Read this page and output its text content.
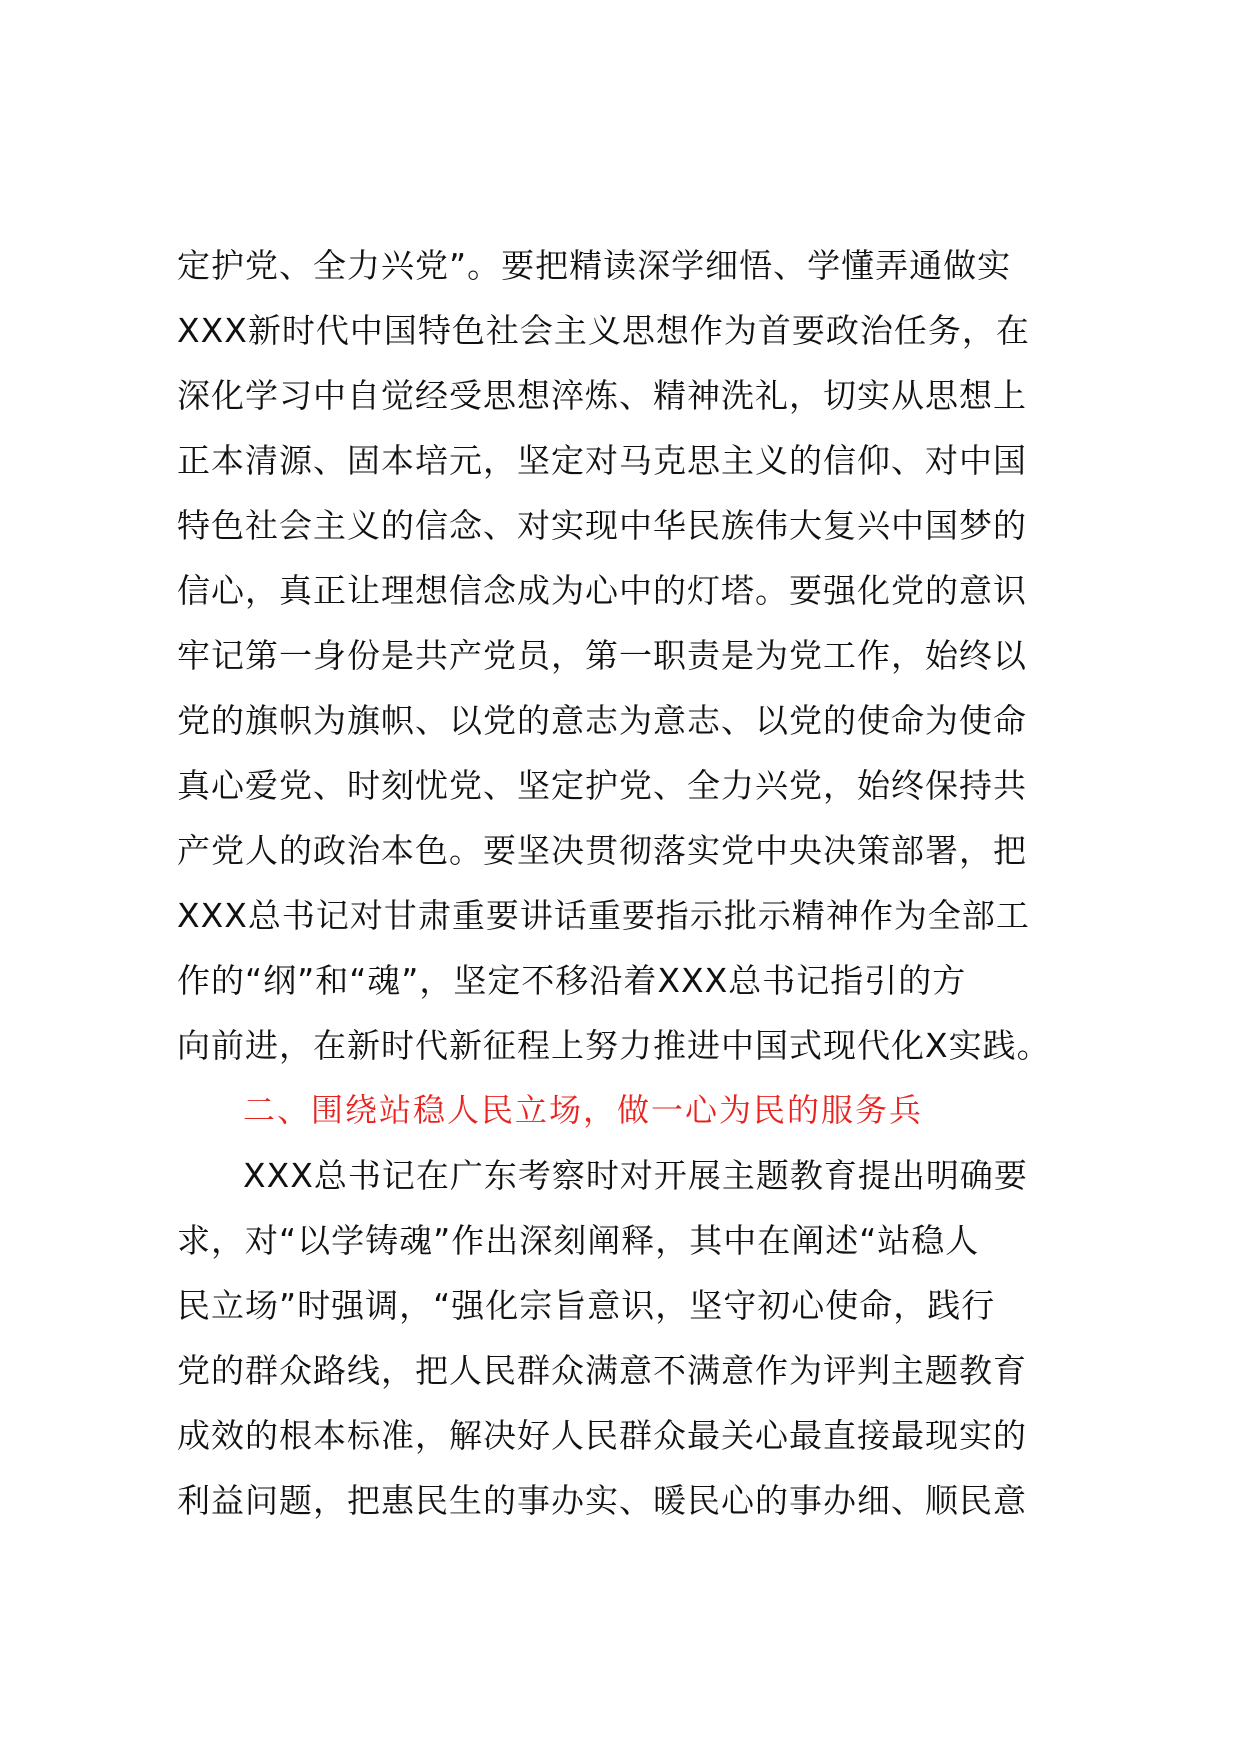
定护党、全力兴党”。要把精读深学细悟、学懂弄通做实
XXX新时代中国特色社会主义思想作为首要政治任务，在
深化学习中自觉经受思想淬炼、精神洗礼，切实从思想上
正本清源、固本培元，坚定对马克思主义的信仰、对中国
特色社会主义的信念、对实现中华民族伟大复兴中国梦的
信心，真正让理想信念成为心中的灯塔。要强化党的意识
牢记第一身份是共产党员，第一职责是为党工作，始终以
党的旗帜为旗帜、以党的意志为意志、以党的使命为使命
真心爱党、时刻忧党、坚定护党、全力兴党，始终保持共
产党人的政治本色。要坚决贯彻落实党中央决策部署，把
XXX总书记对甘肃重要讲话重要指示批示精神作为全部工
作的“纲”和“魂”，坚定不移沿着XXX总书记指引的方
向前进，在新时代新征程上努力推进中国式现代化X实践。
二、围绕站稳人民立场，做一心为民的服务兵
XXX总书记在广东考察时对开展主题教育提出明确要
求，对“以学铸魂”作出深刻阐释，其中在阐述“站稳人
民立场”时强调，“强化宗旨意识，坚守初心使命，践行
党的群众路线，把人民群众满意不满意作为评判主题教育
成效的根本标准，解决好人民群众最关心最直接最现实的
利益问题，把惠民生的事办实、暖民心的事办细、顺民意
